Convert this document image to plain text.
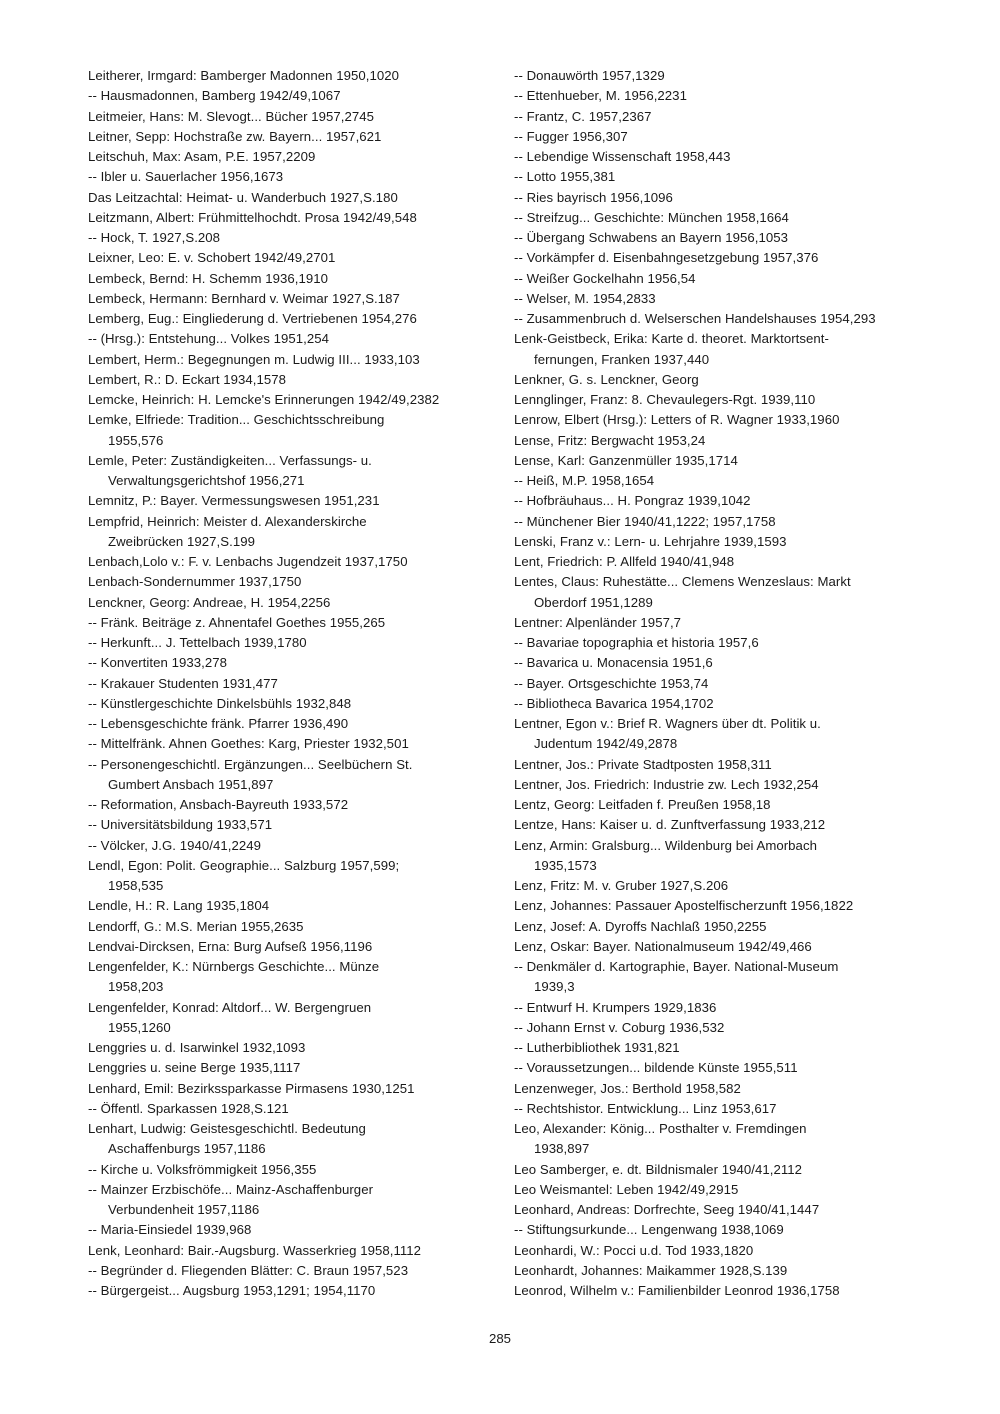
Leitherer, Irmgard: Bamberger Madonnen 1950,1020
-- Hausmadonnen, Bamberg 1942/49,1067
Leitmeier, Hans: M. Slevogt... Bücher 1957,2745
Leitner, Sepp: Hochstraße zw. Bayern... 1957,621
Leitschuh, Max: Asam, P.E. 1957,2209
-- Ibler u. Sauerlacher 1956,1673
Das Leitzachtal: Heimat- u. Wanderbuch 1927,S.180
Leitzmann, Albert: Frühmittelhochdt. Prosa 1942/49,548
-- Hock, T. 1927,S.208
Leixner, Leo: E. v. Schobert 1942/49,2701
Lembeck, Bernd: H. Schemm 1936,1910
Lembeck, Hermann: Bernhard v. Weimar 1927,S.187
Lemberg, Eug.: Eingliederung d. Vertriebenen 1954,276
-- (Hrsg.): Entstehung... Volkes 1951,254
Lembert, Herm.: Begegnungen m. Ludwig III... 1933,103
Lembert, R.: D. Eckart 1934,1578
Lemcke, Heinrich: H. Lemcke's Erinnerungen 1942/49,2382
Lemke, Elfriede: Tradition... Geschichtsschreibung
1955,576
Lemle, Peter: Zuständigkeiten... Verfassungs- u.
Verwaltungsgerichtshof 1956,271
Lemnitz, P.: Bayer. Vermessungswesen 1951,231
Lempfrid, Heinrich: Meister d. Alexanderskirche
Zweibrücken 1927,S.199
Lenbach,Lolo v.: F. v. Lenbachs Jugendzeit 1937,1750
Lenbach-Sondernummer 1937,1750
Lenckner, Georg: Andreae, H. 1954,2256
-- Fränk. Beiträge z. Ahnentafel Goethes 1955,265
-- Herkunft... J. Tettelbach 1939,1780
-- Konvertiten 1933,278
-- Krakauer Studenten 1931,477
-- Künstlergeschichte Dinkelsbühls 1932,848
-- Lebensgeschichte fränk. Pfarrer 1936,490
-- Mittelfränk. Ahnen Goethes: Karg, Priester 1932,501
-- Personengeschichtl. Ergänzungen... Seelbüchern St.
Gumbert Ansbach 1951,897
-- Reformation, Ansbach-Bayreuth 1933,572
-- Universitätsbildung 1933,571
-- Völcker, J.G. 1940/41,2249
Lendl, Egon: Polit. Geographie... Salzburg 1957,599;
1958,535
Lendle, H.: R. Lang 1935,1804
Lendorff, G.: M.S. Merian 1955,2635
Lendvai-Dircksen, Erna: Burg Aufseß 1956,1196
Lengenfelder, K.: Nürnbergs Geschichte... Münze
1958,203
Lengenfelder, Konrad: Altdorf... W. Bergengruen
1955,1260
Lenggries u. d. Isarwinkel 1932,1093
Lenggries u. seine Berge 1935,1117
Lenhard, Emil: Bezirkssparkasse Pirmasens 1930,1251
-- Öffentl. Sparkassen 1928,S.121
Lenhart, Ludwig: Geistesgeschichtl. Bedeutung
Aschaffenburgs 1957,1186
-- Kirche u. Volksfrömmigkeit 1956,355
-- Mainzer Erzbischöfe... Mainz-Aschaffenburger
Verbundenheit 1957,1186
-- Maria-Einsiedel 1939,968
Lenk, Leonhard: Bair.-Augsburg. Wasserkrieg 1958,1112
-- Begründer d. Fliegenden Blätter: C. Braun 1957,523
-- Bürgergeist... Augsburg 1953,1291; 1954,1170
-- Donauwörth 1957,1329
-- Ettenhueber, M. 1956,2231
-- Frantz, C. 1957,2367
-- Fugger 1956,307
-- Lebendige Wissenschaft 1958,443
-- Lotto 1955,381
-- Ries bayrisch 1956,1096
-- Streifzug... Geschichte: München 1958,1664
-- Übergang Schwabens an Bayern 1956,1053
-- Vorkämpfer d. Eisenbahngesetzgebung 1957,376
-- Weißer Gockelhahn 1956,54
-- Welser, M. 1954,2833
-- Zusammenbruch d. Welserschen Handelshauses 1954,293
Lenk-Geistbeck, Erika: Karte d. theoret. Marktortsent-
fernungen, Franken 1937,440
Lenkner, G. s. Lenckner, Georg
Lennglinger, Franz: 8. Chevaulegers-Rgt. 1939,110
Lenrow, Elbert (Hrsg.): Letters of R. Wagner 1933,1960
Lense, Fritz: Bergwacht 1953,24
Lense, Karl: Ganzenmüller 1935,1714
-- Heiß, M.P. 1958,1654
-- Hofbräuhaus... H. Pongraz 1939,1042
-- Münchener Bier 1940/41,1222; 1957,1758
Lenski, Franz v.: Lern- u. Lehrjahre 1939,1593
Lent, Friedrich: P. Allfeld 1940/41,948
Lentes, Claus: Ruhestätte... Clemens Wenzeslaus: Markt
Oberdorf 1951,1289
Lentner: Alpenländer 1957,7
-- Bavariae topographia et historia 1957,6
-- Bavarica u. Monacensia 1951,6
-- Bayer. Ortsgeschichte 1953,74
-- Bibliotheca Bavarica 1954,1702
Lentner, Egon v.: Brief R. Wagners über dt. Politik u.
Judentum 1942/49,2878
Lentner, Jos.: Private Stadtposten 1958,311
Lentner, Jos. Friedrich: Industrie zw. Lech 1932,254
Lentz, Georg: Leitfaden f. Preußen 1958,18
Lentze, Hans: Kaiser u. d. Zunftverfassung 1933,212
Lenz, Armin: Gralsburg... Wildenburg bei Amorbach
1935,1573
Lenz, Fritz: M. v. Gruber 1927,S.206
Lenz, Johannes: Passauer Apostelfischerzunft 1956,1822
Lenz, Josef: A. Dyroffs Nachlaß 1950,2255
Lenz, Oskar: Bayer. Nationalmuseum 1942/49,466
-- Denkmäler d. Kartographie, Bayer. National-Museum
1939,3
-- Entwurf H. Krumpers 1929,1836
-- Johann Ernst v. Coburg 1936,532
-- Lutherbibliothek 1931,821
-- Voraussetzungen... bildende Künste 1955,511
Lenzenweger, Jos.: Berthold 1958,582
-- Rechtshistor. Entwicklung... Linz 1953,617
Leo, Alexander: König... Posthalter v. Fremdingen
1938,897
Leo Samberger, e. dt. Bildnismaler 1940/41,2112
Leo Weismantel: Leben 1942/49,2915
Leonhard, Andreas: Dorfrechte, Seeg 1940/41,1447
-- Stiftungsurkunde... Lengenwang 1938,1069
Leonhardi, W.: Pocci u.d. Tod 1933,1820
Leonhardt, Johannes: Maikammer 1928,S.139
Leonrod, Wilhelm v.: Familienbilder Leonrod 1936,1758
285
